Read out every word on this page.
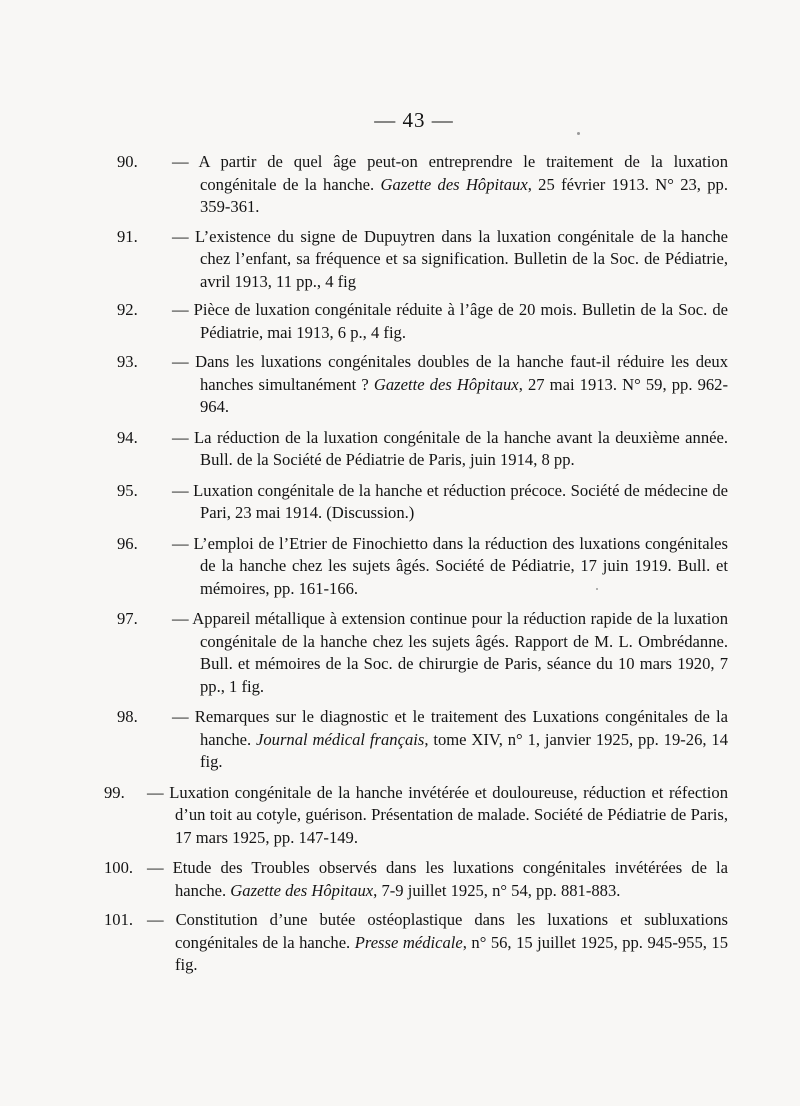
— 43 —
90. — A partir de quel âge peut-on entreprendre le traitement de la luxation congénitale de la hanche. Gazette des Hôpitaux, 25 février 1913. N° 23, pp. 359-361.
91. — L’existence du signe de Dupuytren dans la luxation congénitale de la hanche chez l’enfant, sa fréquence et sa signification. Bulletin de la Soc. de Pédiatrie, avril 1913, 11 pp., 4 fig
92. — Pièce de luxation congénitale réduite à l’âge de 20 mois. Bulletin de la Soc. de Pédiatrie, mai 1913, 6 p., 4 fig.
93. — Dans les luxations congénitales doubles de la hanche faut-il réduire les deux hanches simultanément ? Gazette des Hôpitaux, 27 mai 1913. N° 59, pp. 962-964.
94. — La réduction de la luxation congénitale de la hanche avant la deuxième année. Bull. de la Société de Pédiatrie de Paris, juin 1914, 8 pp.
95. — Luxation congénitale de la hanche et réduction précoce. Société de médecine de Pari, 23 mai 1914. (Discussion.)
96. — L’emploi de l’Etrier de Finochietto dans la réduction des luxations congénitales de la hanche chez les sujets âgés. Société de Pédiatrie, 17 juin 1919. Bull. et mémoires, pp. 161-166.
97. — Appareil métallique à extension continue pour la réduction rapide de la luxation congénitale de la hanche chez les sujets âgés. Rapport de M. L. Ombrédanne. Bull. et mémoires de la Soc. de chirurgie de Paris, séance du 10 mars 1920, 7 pp., 1 fig.
98. — Remarques sur le diagnostic et le traitement des Luxations congénitales de la hanche. Journal médical français, tome XIV, n° 1, janvier 1925, pp. 19-26, 14 fig.
99. — Luxation congénitale de la hanche invétérée et douloureuse, réduction et réfection d’un toit au cotyle, guérison. Présentation de malade. Société de Pédiatrie de Paris, 17 mars 1925, pp. 147-149.
100. — Etude des Troubles observés dans les luxations congénitales invétérées de la hanche. Gazette des Hôpitaux, 7-9 juillet 1925, n° 54, pp. 881-883.
101. — Constitution d’une butée ostéoplastique dans les luxations et subluxations congénitales de la hanche. Presse médicale, n° 56, 15 juillet 1925, pp. 945-955, 15 fig.
